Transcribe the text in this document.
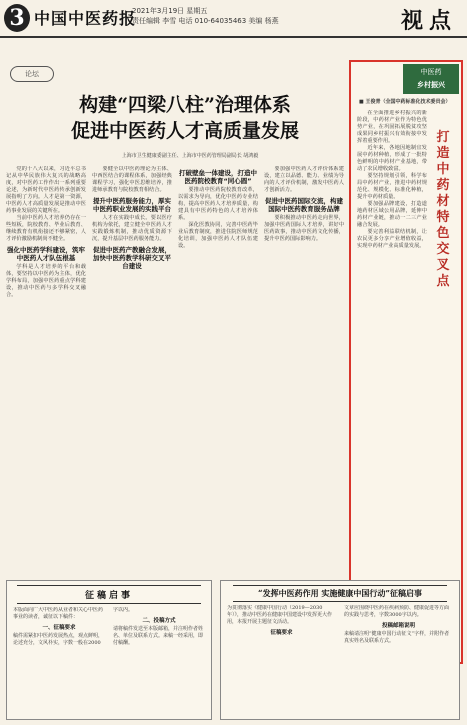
3 中国中医药报
2021年3月19日 星期五
责任编辑 李雪 电话 010-64035463 美编 杨燕	视点
论坛
构建“四梁八柱”治理体系
促进中医药人才高质量发展
上海市卫生健康委副主任、上海市中医药管理局副局长 胡鸿毅

党的十八大以来，习近平总书记从中华民族伟大复兴的战略高度，对中医药工作作出一系列重要论述，为新时代中医药传承创新发展指明了方向。人才是第一资源，中医药人才高质量发展是推动中医药事业发展的关键所在。

当前中医药人才培养仍存在一些短板，院校教育、毕业后教育、继续教育有机衔接还不够紧密，人才评价激励机制尚不健全。

强化中医药学科建设，筑牢中医药人才队伍根基

学科是人才培养的平台和载体，要坚持以中医药为主体，优化学科布局，加强中医药重点学科建设，推动中医药与多学科交叉融合。

要健全以中医药理论为主体、中西医结合的课程体系，加强经典课程学习，强化中医思维培养，推进师承教育与院校教育相结合。

提升中医药服务能力，厚实中医药职业发展的实践平台

人才在实践中成长。要以医疗机构为依托，建立健全中医药人才实践锻炼机制，推动优质资源下沉，提升基层中医药服务能力。

促进中医药产教融合发展，加快中医药教学科研交叉平台建设
打破壁垒一体建设，打造中医药院校教育“同心圆”

要推动中医药院校教育改革，以需求为导向，优化中医药专业结构，提高中医药人才培养质量，构建具有中医药特色的人才培养体系。

深化医教协同，完善中医药毕业后教育制度，推进住院医师规范化培训，加强中医药人才队伍建设。

要加强中医药人才评价体系建设，建立以品德、能力、业绩为导向的人才评价机制，激发中医药人才创新活力。

促进中医药国际交流，构建国际中医药教育服务品牌

要积极推动中医药走向世界，加强中医药国际人才培养，讲好中医药故事，推动中医药文化传播，提升中医药国际影响力。

中医药
乡村振兴
■ 王俊青（全国中药标准化技术委员会）
打造中药材特色交叉点

在全面推进乡村振兴的新阶段，中药材产业作为特色优势产业，在巩固拓展脱贫攻坚成果同乡村振兴有效衔接中发挥着重要作用。

近年来，各地因地制宜发展中药材种植，形成了一批特色鲜明的中药材产业基地，带动了农民增收致富。

要坚持规划引领，科学布局中药材产业，推进中药材规范化、规模化、标准化种植，提升中药材质量。

要加强品牌建设，打造道地药材区域公用品牌，延伸中药材产业链，推动一二三产业融合发展。

要完善利益联结机制，让农民更多分享产业增值收益，实现中药材产业高质量发展。

征稿启事

本版面向广大中医药从业者和关心中医药事业的读者，诚征以下稿件：

一、征稿要求

稿件需紧扣中医药发展热点，观点鲜明，论述充分，文风朴实，字数一般在2000字以内。

二、投稿方式

请将稿件发送至本版邮箱，并注明作者姓名、单位及联系方式。来稿一经采用，即付稿酬。

“发挥中医药作用 实施健康中国行动”征稿启事

为贯彻落实《健康中国行动（2019—2030年）》，推动中医药在健康中国建设中发挥更大作用，本报开展主题征文活动。

征稿要求

文章应围绕中医药在疾病预防、健康促进等方面的实践与思考，字数3000字以内。

投稿邮箱说明

来稿请注明“健康中国行动征文”字样，并附作者真实姓名及联系方式。
